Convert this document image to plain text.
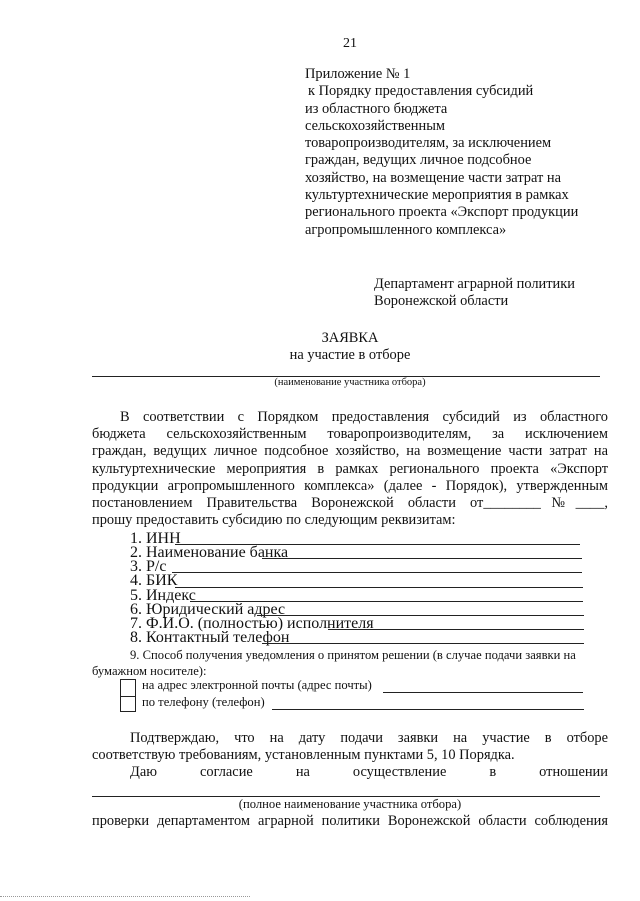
21
Приложение № 1
к Порядку предоставления субсидий
из областного бюджета
сельскохозяйственным
товаропроизводителям, за исключением
граждан, ведущих личное подсобное
хозяйство, на возмещение части затрат на
культуртехнические мероприятия в рамках
регионального проекта «Экспорт продукции
агропромышленного комплекса»
Департамент аграрной политики
Воронежской области
ЗАЯВКА
на участие в отборе
(наименование участника отбора)
В соответствии с Порядком предоставления субсидий из областного
бюджета сельскохозяйственным товаропроизводителям, за исключением
граждан, ведущих личное подсобное хозяйство, на возмещение части затрат на
культуртехнические мероприятия в рамках регионального проекта «Экспорт
продукции агропромышленного комплекса» (далее - Порядок), утвержденным
постановлением Правительства Воронежской области от________№____,
прошу предоставить субсидию по следующим реквизитам:
1. ИНН
2. Наименование банка
3. Р/с
4. БИК
5. Индекс
6. Юридический адрес
7. Ф.И.О. (полностью) исполнителя
8. Контактный телефон
9. Способ получения уведомления о принятом решении (в случае подачи заявки на
бумажном носителе):
на адрес электронной почты (адрес почты)
по телефону (телефон)
Подтверждаю, что на дату подачи заявки на участие в отборе
соответствую требованиям, установленным пунктами 5, 10 Порядка.
Даю	согласие	на	осуществление	в	отношении
(полное наименование участника отбора)
проверки департаментом аграрной политики Воронежской области соблюдения
